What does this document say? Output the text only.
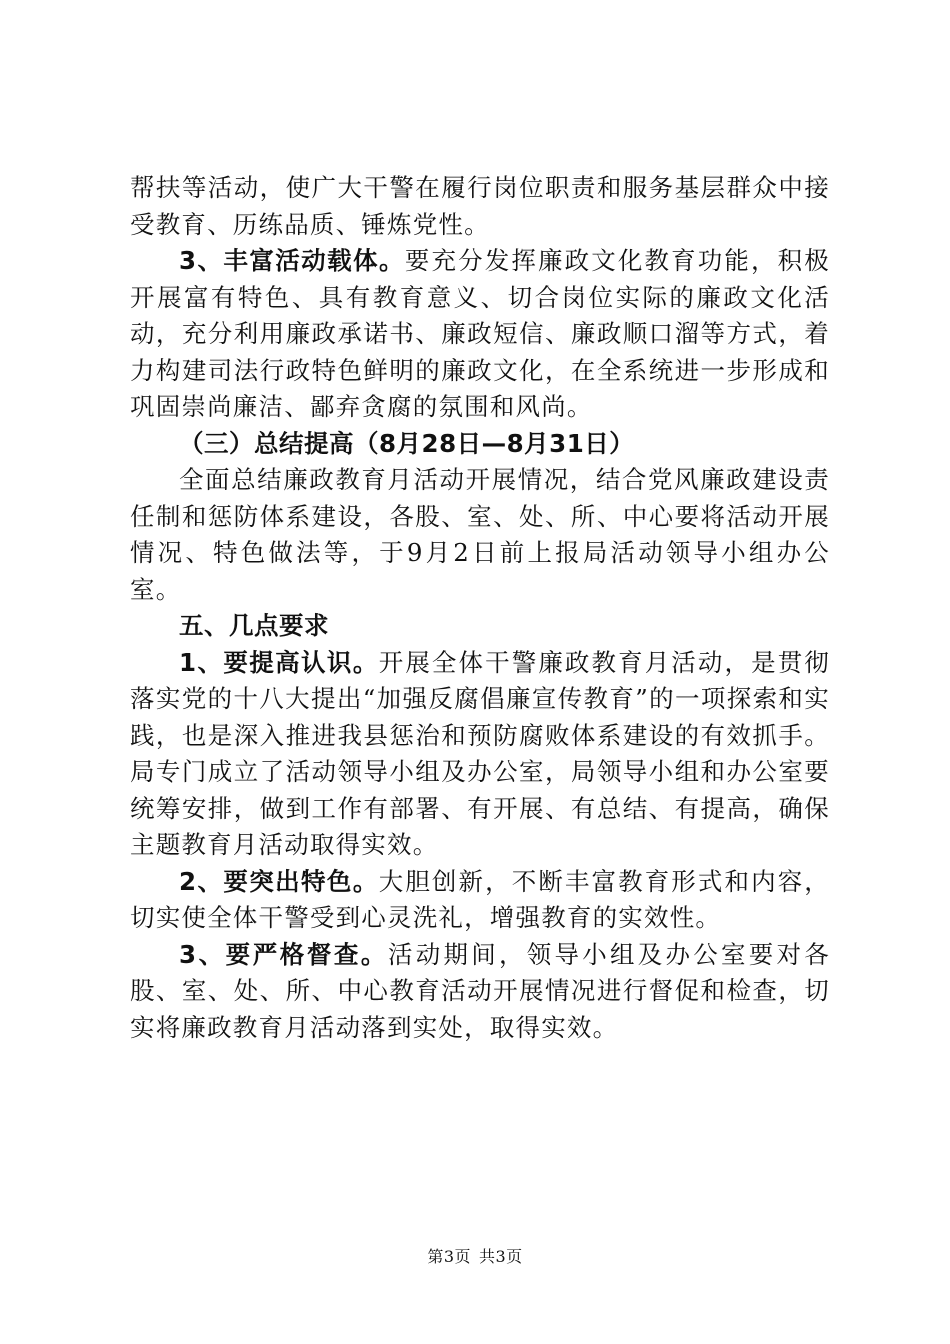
帮扶等活动，使广大干警在履行岗位职责和服务基层群众中接受教育、历练品质、锤炼党性。

3、丰富活动载体。要充分发挥廉政文化教育功能，积极开展富有特色、具有教育意义、切合岗位实际的廉政文化活动，充分利用廉政承诺书、廉政短信、廉政顺口溜等方式，着力构建司法行政特色鲜明的廉政文化，在全系统进一步形成和巩固崇尚廉洁、鄙弃贪腐的氛围和风尚。

（三）总结提高（8月28日—8月31日）

全面总结廉政教育月活动开展情况，结合党风廉政建设责任制和惩防体系建设，各股、室、处、所、中心要将活动开展情况、特色做法等，于9月2日前上报局活动领导小组办公室。

五、几点要求

1、要提高认识。开展全体干警廉政教育月活动，是贯彻落实党的十八大提出“加强反腐倡廉宣传教育”的一项探索和实践，也是深入推进我县惩治和预防腐败体系建设的有效抓手。局专门成立了活动领导小组及办公室，局领导小组和办公室要统筹安排，做到工作有部署、有开展、有总结、有提高，确保主题教育月活动取得实效。

2、要突出特色。大胆创新，不断丰富教育形式和内容，切实使全体干警受到心灵洗礼，增强教育的实效性。

3、要严格督查。活动期间，领导小组及办公室要对各股、室、处、所、中心教育活动开展情况进行督促和检查，切实将廉政教育月活动落到实处，取得实效。

第3页 共3页
